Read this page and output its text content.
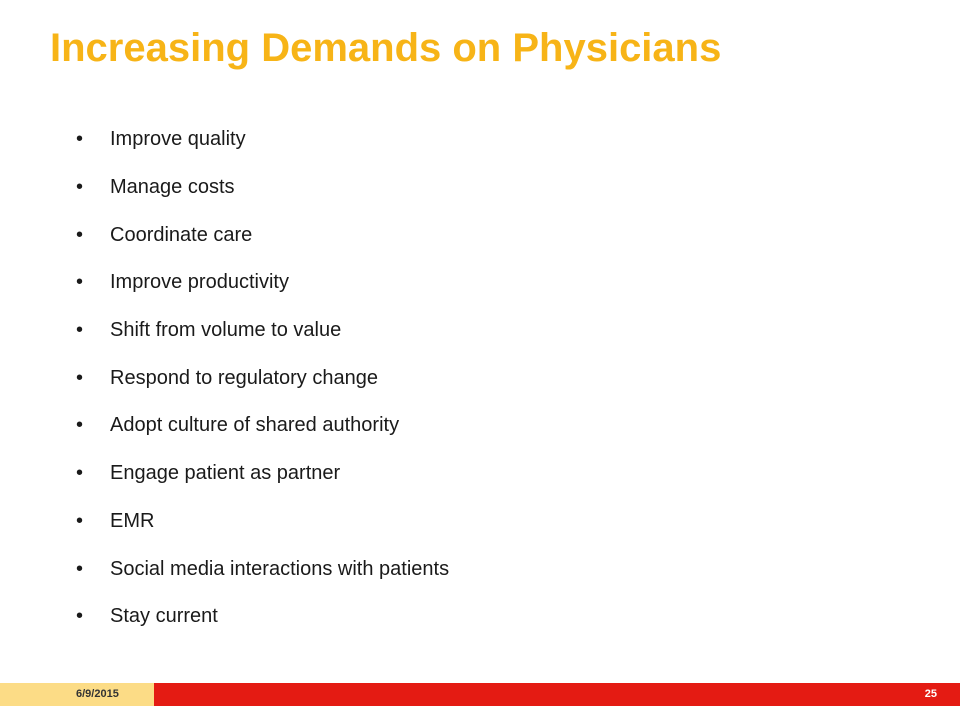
Increasing Demands on Physicians
•	Improve quality
•	Manage costs
•	Coordinate care
•	Improve productivity
•	Shift from volume to value
•	Respond to regulatory change
•	Adopt culture of shared authority
•	Engage patient as partner
•	EMR
•	Social media interactions with patients
•	Stay current
6/9/2015	25
